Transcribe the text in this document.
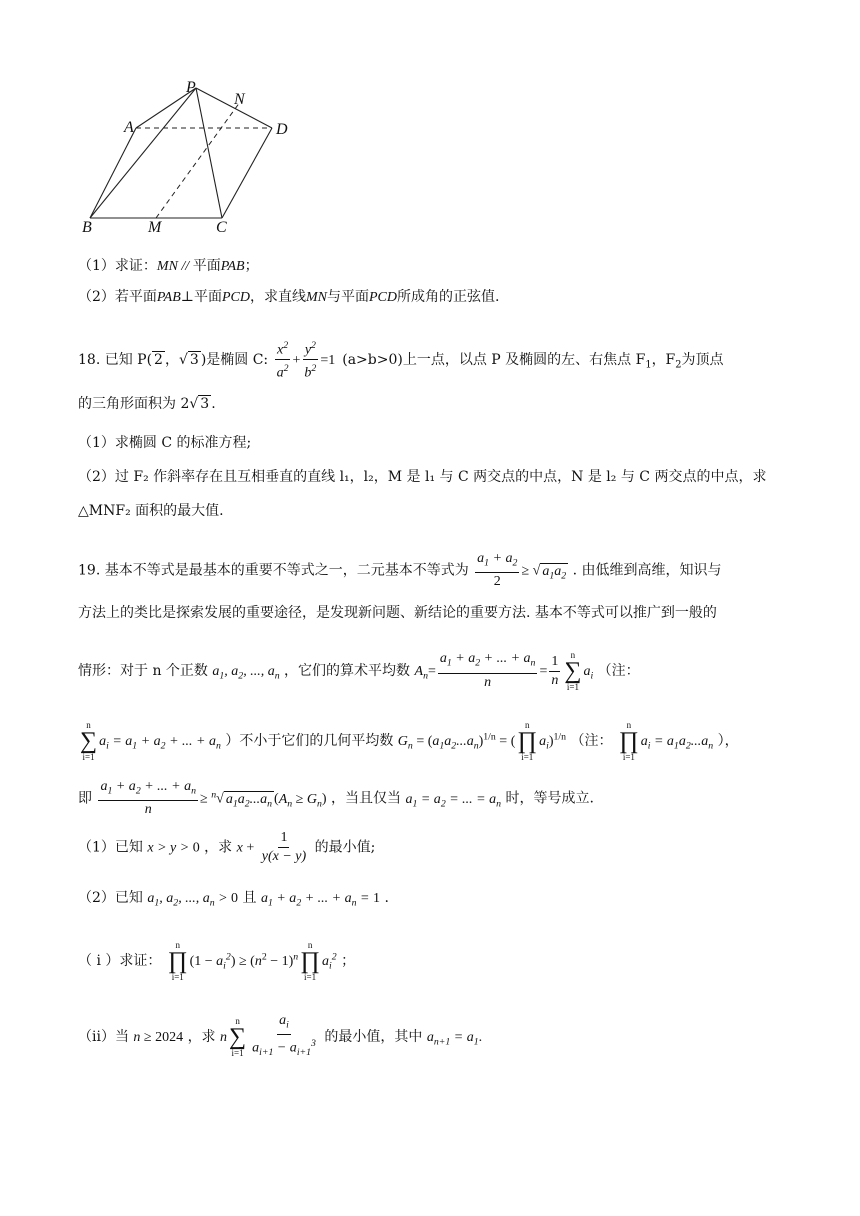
P
N
A	D
B	M	C
（1）求证：MN // 平面PAB；
（2）若平面PAB⊥平面PCD，求直线MN与平面PCD所成角的正弦值.
18. 已知 P( 2 ，√ 3 )是椭圆 C: $\frac{x^2}{a^2} + \frac{y^2}{b^2} =1$  (a>b>0)上一点，以点 P 及椭圆的左、右焦点 $F_1$，$F_2$为顶点
的三角形面积为 2√ 3 .
（1）求椭圆 C 的标准方程;
（2）过 F₂ 作斜率存在且互相垂直的直线 l₁，l₂，M 是 l₁ 与 C 两交点的中点，N 是 l₂ 与 C 两交点的中点，求
△MNF₂ 面积的最大值.
19. 基本不等式是最基本的重要不等式之一，二元基本不等式为 $\frac{a_1 + a_2}{2}$ ≥ √ $a_1a_2$ . 由低维到高维，知识与
方法上的类比是探索发展的重要途径，是发现新问题、新结论的重要方法. 基本不等式可以推广到一般的
情形：对于 n 个正数 $a_1$, $a_2$, ..., $a_n$ ，它们的算术平均数 $A_n= \frac{a_1 + a_2 + ... + a_n}{n} = \frac{1}{n}$ n
∑
i=1
$a_i$ （注：
n
∑
i=1
$a_i = a_1 + a_2$ + ... + $a_n$ ）不小于它们的几何平均数 $G_n = (a_1a_2...a_n)^{1/n}$ = (
n
∏
i=1
$a_i)^{1/n}$ （注：
n
∏
i=1
$a_i = a_1a_2...a_n$ ），
即 $\frac{a_1 + a_2 + ... + a_n}{n} \ge ^n√$ $a_1a_2...a_n$ $(A_n \ge G_n)$ ，当且仅当 $a_1 = a_2$ = ... = $a_n$ 时，等号成立.
（1）已知 x > y > 0 ，求 $x + \frac{1}{y(x - y)}$ 的最小值;
（2）已知 $a_1$, $a_2$, ..., $a_n > 0$ 且 $a_1 + a_2$ + ... + $a_n = 1$ .
（ i ）求证：
n
∏
i=1
$(1 - a_i^2) \ge (n^2 - 1)^n$
n
∏
i=1
$a_i^2$ ；
（ii）当 n ≥ 2024 ，求 n
n
∑
$i=1 \frac{a_i}{a_{i+1} - a_{i+1}^3}$ 的最小值，其中 $a_{n+1} = a_1$.
